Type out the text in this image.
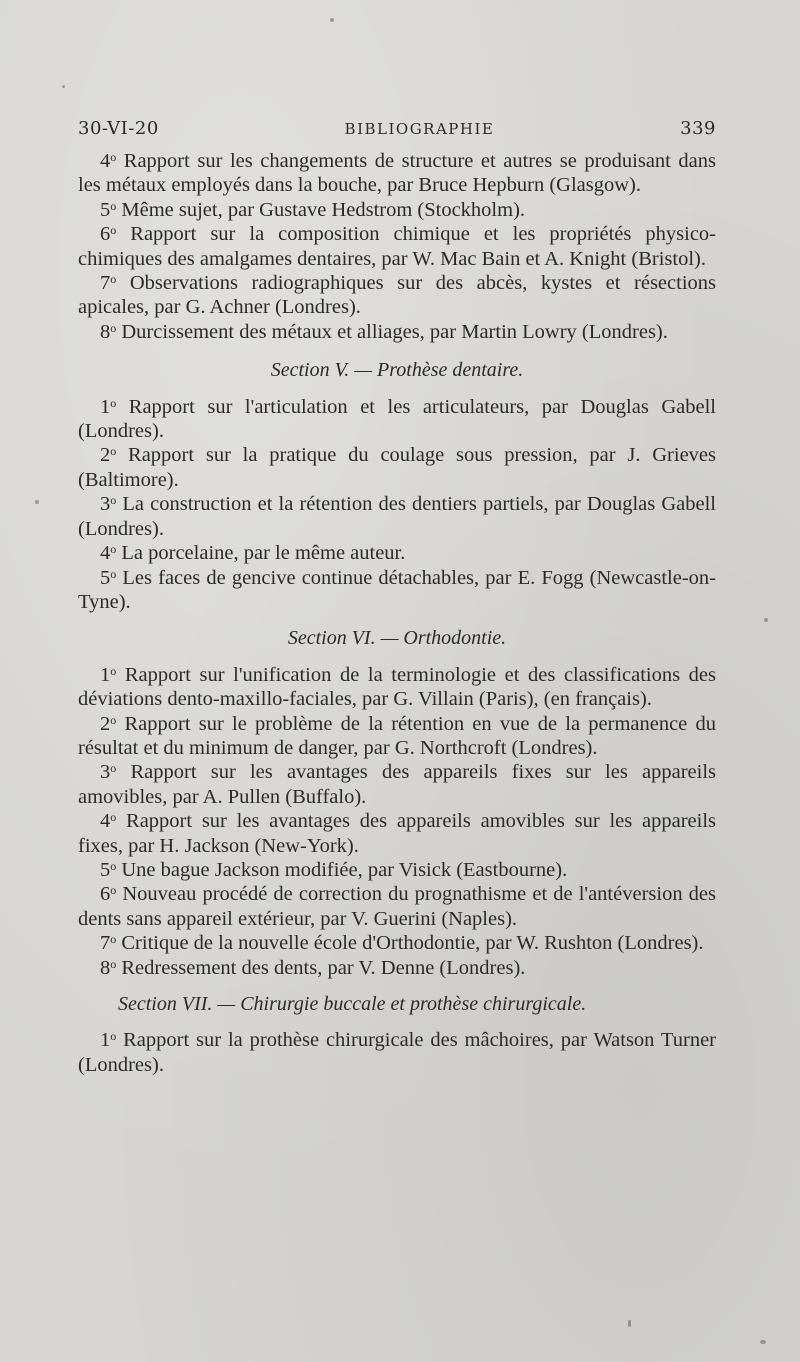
30-VI-20	BIBLIOGRAPHIE	339

4$^o$ Rapport sur les changements de structure et autres se produisant dans les métaux employés dans la bouche, par Bruce Hepburn (Glasgow).

5$^o$ Même sujet, par Gustave Hedstrom (Stockholm).

6$^o$ Rapport sur la composition chimique et les propriétés physico-chimiques des amalgames dentaires, par W. Mac Bain et A. Knight (Bristol).

7$^o$ Observations radiographiques sur des abcès, kystes et résections apicales, par G. Achner (Londres).

8$^o$ Durcissement des métaux et alliages, par Martin Lowry (Londres).

Section V. — Prothèse dentaire.

1$^o$ Rapport sur l'articulation et les articulateurs, par Douglas Gabell (Londres).

2$^o$ Rapport sur la pratique du coulage sous pression, par J. Grieves (Baltimore).

3$^o$ La construction et la rétention des dentiers partiels, par Douglas Gabell (Londres).

4$^o$ La porcelaine, par le même auteur.

5$^o$ Les faces de gencive continue détachables, par E. Fogg (Newcastle-on-Tyne).

Section VI. — Orthodontie.

1$^o$ Rapport sur l'unification de la terminologie et des classifications des déviations dento-maxillo-faciales, par G. Villain (Paris), (en français).

2$^o$ Rapport sur le problème de la rétention en vue de la permanence du résultat et du minimum de danger, par G. Northcroft (Londres).

3$^o$ Rapport sur les avantages des appareils fixes sur les appareils amovibles, par A. Pullen (Buffalo).

4$^o$ Rapport sur les avantages des appareils amovibles sur les appareils fixes, par H. Jackson (New-York).

5$^o$ Une bague Jackson modifiée, par Visick (Eastbourne).

6$^o$ Nouveau procédé de correction du prognathisme et de l'antéversion des dents sans appareil extérieur, par V. Guerini (Naples).

7$^o$ Critique de la nouvelle école d'Orthodontie, par W. Rushton (Londres).

8$^o$ Redressement des dents, par V. Denne (Londres).

Section VII. — Chirurgie buccale et prothèse chirurgicale.

1$^o$ Rapport sur la prothèse chirurgicale des mâchoires, par Watson Turner (Londres).
